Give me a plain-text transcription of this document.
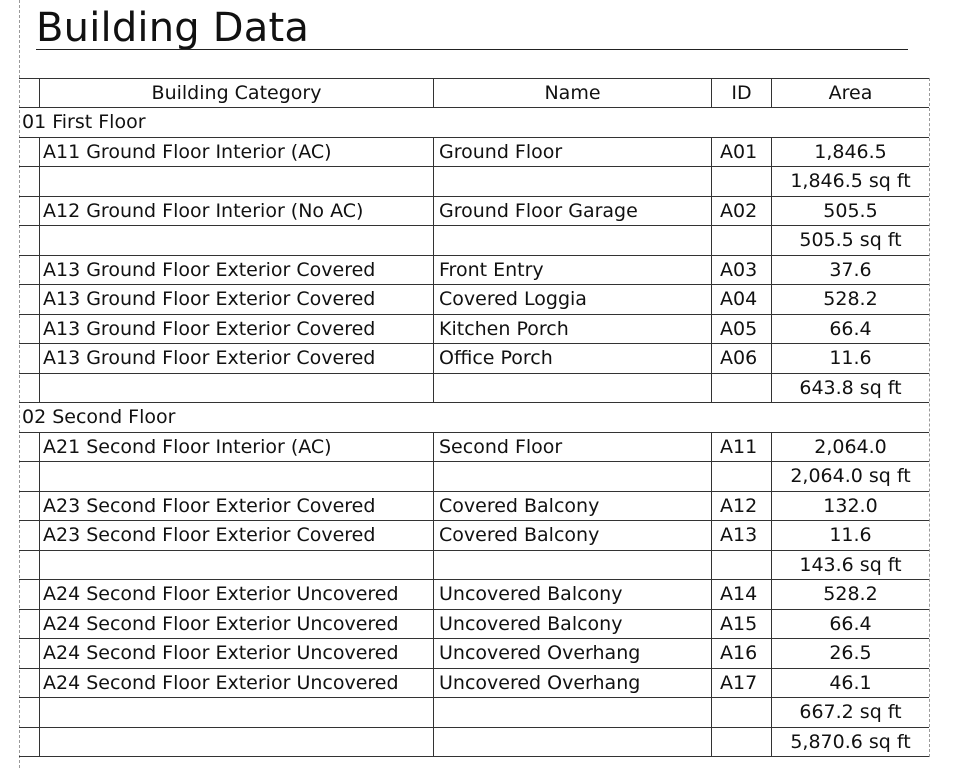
Building Data
Building Category	Name	ID	Area
01 First Floor
A11 Ground Floor Interior (AC)	Ground Floor	A01	1,846.5
1,846.5 sq ft
A12 Ground Floor Interior (No AC)	Ground Floor Garage	A02	505.5
505.5 sq ft
A13 Ground Floor Exterior Covered	Front Entry	A03	37.6
A13 Ground Floor Exterior Covered	Covered Loggia	A04	528.2
A13 Ground Floor Exterior Covered	Kitchen Porch	A05	66.4
A13 Ground Floor Exterior Covered	Office Porch	A06	11.6
643.8 sq ft
02 Second Floor
A21 Second Floor Interior (AC)	Second Floor	A11	2,064.0
2,064.0 sq ft
A23 Second Floor Exterior Covered	Covered Balcony	A12	132.0
A23 Second Floor Exterior Covered	Covered Balcony	A13	11.6
143.6 sq ft
A24 Second Floor Exterior Uncovered	Uncovered Balcony	A14	528.2
A24 Second Floor Exterior Uncovered	Uncovered Balcony	A15	66.4
A24 Second Floor Exterior Uncovered	Uncovered Overhang	A16	26.5
A24 Second Floor Exterior Uncovered	Uncovered Overhang	A17	46.1
667.2 sq ft
5,870.6 sq ft
